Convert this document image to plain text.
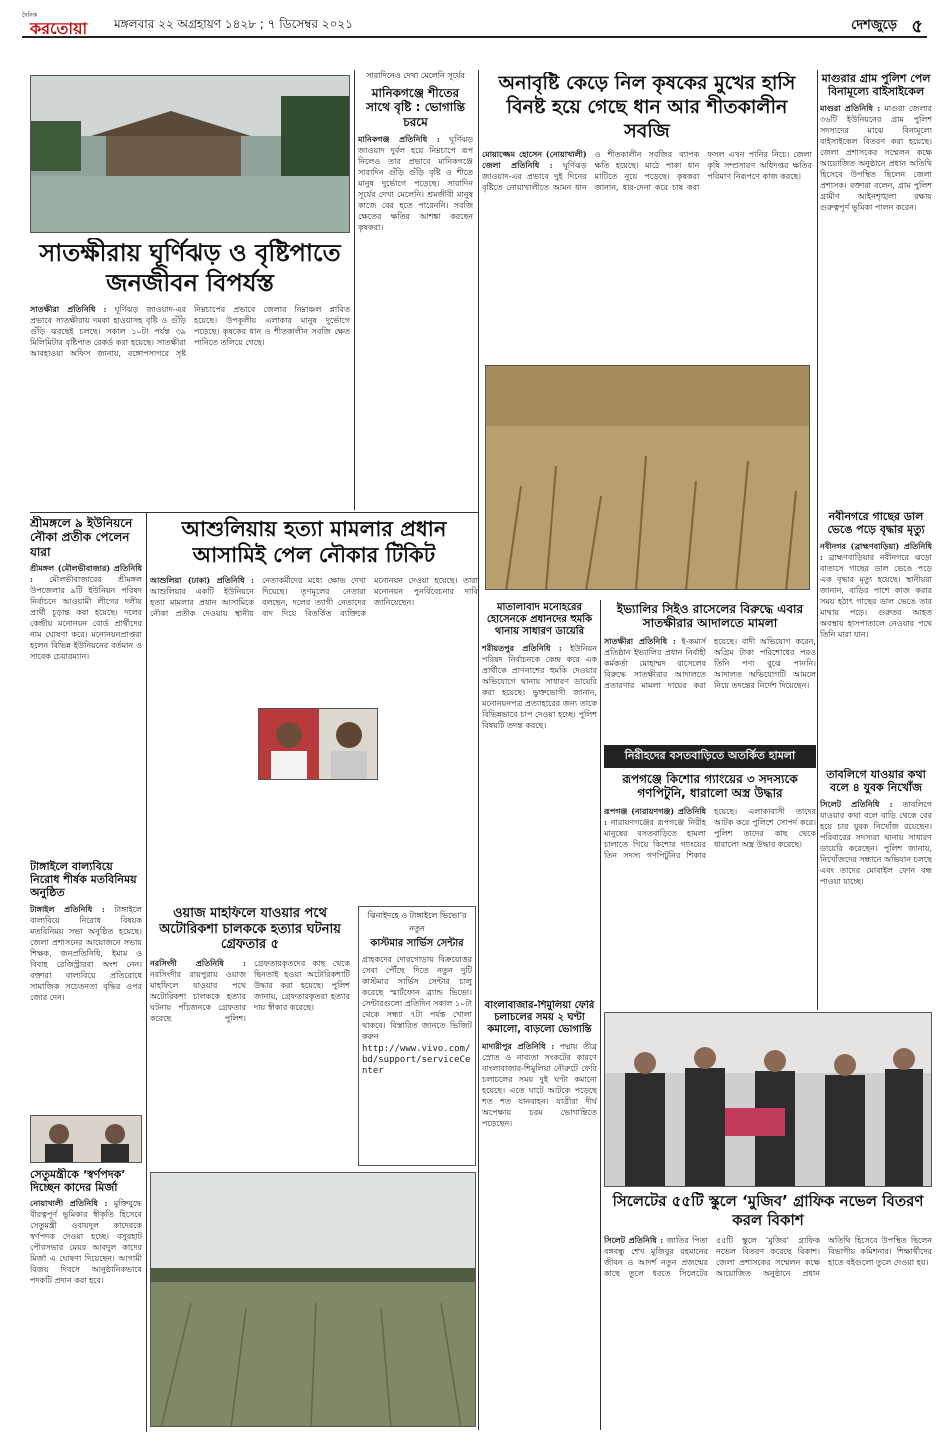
দৈনিক
করতোয়া মঙ্গলবার ২২ অগ্রহায়ণ ১৪২৮ ; ৭ ডিসেম্বর ২০২১	দেশজুড়ে ৫
সাতক্ষীরায় ঘূর্ণিঝড় ও বৃষ্টিপাতে জনজীবন বিপর্যস্ত
সাতক্ষীরা প্রতিনিধি : ঘূর্ণিঝড় জাওয়াদ-এর প্রভাবে সাতক্ষীরায় দমকা হাওয়াসহ বৃষ্টি ও গুঁড়ি গুঁড়ি ঝরছেই চলছে। সকাল ১০টা পর্যন্ত ৩৯ মিলিমিটার বৃষ্টিপাত রেকর্ড করা হয়েছে। সাতক্ষীরা আবহাওয়া অফিস জানায়, বঙ্গোপসাগরে সৃষ্ট নিম্নচাপের প্রভাবে জেলার নিম্নাঞ্চল প্লাবিত হয়েছে। উপকূলীয় এলাকার মানুষ দুর্ভোগে পড়েছে। কৃষকের ধান ও শীতকালীন সবজি ক্ষেত পানিতে তলিয়ে গেছে।
সারাদিনেও দেখা মেলেনি সূর্যের
মানিকগঞ্জে শীতের সাথে বৃষ্টি : ভোগান্তি চরমে
মানিকগঞ্জ প্রতিনিধি : ঘূর্ণিঝড় জাওয়াদ দুর্বল হয়ে নিম্নচাপে রূপ নিলেও তার প্রভাবে মানিকগঞ্জে সারাদিন গুঁড়ি গুঁড়ি বৃষ্টি ও শীতে মানুষ দুর্ভোগে পড়েছে। সারাদিন সূর্যের দেখা মেলেনি। শ্রমজীবী মানুষ কাজে বের হতে পারেননি। সবজি ক্ষেতের ক্ষতির আশঙ্কা করছেন কৃষকরা।
অনাবৃষ্টি কেড়ে নিল কৃষকের মুখের হাসি বিনষ্ট হয়ে গেছে ধান আর শীতকালীন সবজি
মোয়াজ্জেম হোসেন (নোয়াখালী) জেলা প্রতিনিধি : ঘূর্ণিঝড় জাওয়াদ-এর প্রভাবে দুই দিনের বৃষ্টিতে নোয়াখালীতে আমন ধান ও শীতকালীন সবজির ব্যাপক ক্ষতি হয়েছে। মাঠে পাকা ধান মাটিতে নুয়ে পড়েছে। কৃষকরা জানান, ধার-দেনা করে চাষ করা ফসল এখন পানির নিচে। জেলা কৃষি সম্প্রসারণ অধিদপ্তর ক্ষতির পরিমাণ নিরূপণে কাজ করছে।
মাগুরার গ্রাম পুলিশ পেল বিনামূল্যে বাইসাইকেল
মাগুরা প্রতিনিধি : মাগুরা জেলার ৩৬টি ইউনিয়নের গ্রাম পুলিশ সদস্যদের মাঝে বিনামূল্যে বাইসাইকেল বিতরণ করা হয়েছে। জেলা প্রশাসকের সম্মেলন কক্ষে আয়োজিত অনুষ্ঠানে প্রধান অতিথি হিসেবে উপস্থিত ছিলেন জেলা প্রশাসক। বক্তারা বলেন, গ্রাম পুলিশ গ্রামীণ আইনশৃঙ্খলা রক্ষায় গুরুত্বপূর্ণ ভূমিকা পালন করেন।
নবীনগরে গাছের ডাল ভেঙে পড়ে বৃদ্ধার মৃত্যু
নবীনগর (ব্রাহ্মণবাড়িয়া) প্রতিনিধি : ব্রাহ্মণবাড়িয়ার নবীনগরে ঝড়ো বাতাসে গাছের ডাল ভেঙে পড়ে এক বৃদ্ধার মৃত্যু হয়েছে। স্থানীয়রা জানান, বাড়ির পাশে কাজ করার সময় হঠাৎ গাছের ডাল ভেঙে তার মাথায় পড়ে। গুরুতর আহত অবস্থায় হাসপাতালে নেওয়ার পথে তিনি মারা যান।
তাবলিগে যাওয়ার কথা বলে ৪ যুবক নিখোঁজ
সিলেট প্রতিনিধি : তাবলিগে যাওয়ার কথা বলে বাড়ি থেকে বের হয়ে চার যুবক নিখোঁজ রয়েছেন। পরিবারের সদস্যরা থানায় সাধারণ ডায়েরি করেছেন। পুলিশ জানায়, নিখোঁজদের সন্ধানে অভিযান চলছে এবং তাদের মোবাইল ফোন বন্ধ পাওয়া যাচ্ছে।
শ্রীমঙ্গলে ৯ ইউনিয়নে নৌকা প্রতীক পেলেন যারা
শ্রীমঙ্গল (মৌলভীবাজার) প্রতিনিধি : মৌলভীবাজারের শ্রীমঙ্গল উপজেলার ৯টি ইউনিয়ন পরিষদ নির্বাচনে আওয়ামী লীগের দলীয় প্রার্থী চূড়ান্ত করা হয়েছে। দলের কেন্দ্রীয় মনোনয়ন বোর্ড প্রার্থীদের নাম ঘোষণা করে। মনোনয়নপ্রাপ্তরা হলেন বিভিন্ন ইউনিয়নের বর্তমান ও সাবেক চেয়ারম্যান।
টাঙ্গাইলে বাল্যবিয়ে নিরোধ শীর্ষক মতবিনিময় অনুষ্ঠিত
টাঙ্গাইল প্রতিনিধি : টাঙ্গাইলে বাল্যবিয়ে নিরোধ বিষয়ক মতবিনিময় সভা অনুষ্ঠিত হয়েছে। জেলা প্রশাসনের আয়োজনে সভায় শিক্ষক, জনপ্রতিনিধি, ইমাম ও বিবাহ রেজিস্ট্রাররা অংশ নেন। বক্তারা বাল্যবিয়ে প্রতিরোধে সামাজিক সচেতনতা বৃদ্ধির ওপর জোর দেন।
সেতুমন্ত্রীকে ‘স্বর্ণপদক’ দিচ্ছেন কাদের মির্জা
নোয়াখালী প্রতিনিধি : মুক্তিযুদ্ধে বীরত্বপূর্ণ ভূমিকার স্বীকৃতি হিসেবে সেতুমন্ত্রী ওবায়দুল কাদেরকে স্বর্ণপদক দেওয়া হচ্ছে। বসুরহাট পৌরসভার মেয়র আবদুল কাদের মির্জা এ ঘোষণা দিয়েছেন। আগামী বিজয় দিবসে আনুষ্ঠানিকভাবে পদকটি প্রদান করা হবে।
আশুলিয়ায় হত্যা মামলার প্রধান আসামিই পেল নৌকার টিকিট
আশুলিয়া (ঢাকা) প্রতিনিধি : আশুলিয়ার একটি ইউনিয়নে হত্যা মামলার প্রধান আসামিকে নৌকা প্রতীক দেওয়ায় স্থানীয় নেতাকর্মীদের মধ্যে ক্ষোভ দেখা দিয়েছে। তৃণমূলের নেতারা বলছেন, দলের ত্যাগী নেতাদের বাদ দিয়ে বিতর্কিত ব্যক্তিকে মনোনয়ন দেওয়া হয়েছে। তারা মনোনয়ন পুনর্বিবেচনার দাবি জানিয়েছেন।
ওয়াজ মাহফিলে যাওয়ার পথে অটোরিকশা চালককে হত্যার ঘটনায় গ্রেফতার ৫
নরসিংদী প্রতিনিধি : নরসিংদীর রায়পুরায় ওয়াজ মাহফিলে যাওয়ার পথে অটোরিকশা চালককে হত্যার ঘটনায় পাঁচজনকে গ্রেফতার করেছে পুলিশ। গ্রেফতারকৃতদের কাছ থেকে ছিনতাই হওয়া অটোরিকশাটি উদ্ধার করা হয়েছে। পুলিশ জানায়, গ্রেফতারকৃতরা হত্যার দায় স্বীকার করেছে।
ঝিনাইদহে ও টাঙ্গাইলে ভিভো’র নতুন
কাস্টমার সার্ভিস সেন্টার
গ্রাহকদের দোরগোড়ায় বিক্রয়োত্তর সেবা পৌঁছে দিতে নতুন দুটি কাস্টমার সার্ভিস সেন্টার চালু করেছে স্মার্টফোন ব্র্যান্ড ভিভো। সেন্টারগুলো প্রতিদিন সকাল ১০টা থেকে সন্ধ্যা ৭টা পর্যন্ত খোলা থাকবে। বিস্তারিত জানতে ভিজিট করুন
http://www.vivo.com/bd/support/serviceCenter
মাতালাবাদ মনোহরের হোসেনকে প্রধানদের হুমকি থানায় সাধারণ ডায়েরি
শরীয়তপুর প্রতিনিধি : ইউনিয়ন পরিষদ নির্বাচনকে কেন্দ্র করে এক প্রার্থীকে প্রাণনাশের হুমকি দেওয়ার অভিযোগে থানায় সাধারণ ডায়েরি করা হয়েছে। ভুক্তভোগী জানান, মনোনয়নপত্র প্রত্যাহারের জন্য তাকে বিভিন্নভাবে চাপ দেওয়া হচ্ছে। পুলিশ বিষয়টি তদন্ত করছে।
বাংলাবাজার-শিমুলিয়া ফেরি চলাচলের সময় ২ ঘণ্টা কমালো, বাড়লো ভোগান্তি
মাদারীপুর প্রতিনিধি : পদ্মায় তীব্র স্রোত ও নাব্যতা সংকটের কারণে বাংলাবাজার-শিমুলিয়া নৌরুটে ফেরি চলাচলের সময় দুই ঘণ্টা কমানো হয়েছে। এতে ঘাটে আটকে পড়েছে শত শত যানবাহন। যাত্রীরা দীর্ঘ অপেক্ষায় চরম ভোগান্তিতে পড়েছেন।
ইভ্যালির সিইও রাসেলের বিরুদ্ধে এবার সাতক্ষীরার আদালতে মামলা
সাতক্ষীরা প্রতিনিধি : ই-কমার্স প্রতিষ্ঠান ইভ্যালির প্রধান নির্বাহী কর্মকর্তা মোহাম্মদ রাসেলের বিরুদ্ধে সাতক্ষীরার আদালতে প্রতারণার মামলা দায়ের করা হয়েছে। বাদী অভিযোগ করেন, অগ্রিম টাকা পরিশোধের পরও তিনি পণ্য বুঝে পাননি। আদালত অভিযোগটি আমলে নিয়ে তদন্তের নির্দেশ দিয়েছেন।
নিরীহদের বসতবাড়িতে অতর্কিত হামলা
রূপগঞ্জে কিশোর গ্যাংয়ের ৩ সদস্যকে গণপিটুনি, ধারালো অস্ত্র উদ্ধার
রূপগঞ্জ (নারায়ণগঞ্জ) প্রতিনিধি : নারায়ণগঞ্জের রূপগঞ্জে নিরীহ মানুষের বসতবাড়িতে হামলা চালাতে গিয়ে কিশোর গ্যাংয়ের তিন সদস্য গণপিটুনির শিকার হয়েছে। এলাকাবাসী তাদের আটক করে পুলিশে সোপর্দ করে। পুলিশ তাদের কাছ থেকে ধারালো অস্ত্র উদ্ধার করেছে।
সিলেটের ৫৫টি স্কুলে ‘মুজিব’ গ্রাফিক নভেল বিতরণ করল বিকাশ
সিলেট প্রতিনিধি : জাতির পিতা বঙ্গবন্ধু শেখ মুজিবুর রহমানের জীবন ও আদর্শ নতুন প্রজন্মের কাছে তুলে ধরতে সিলেটের ৫৫টি স্কুলে ‘মুজিব’ গ্রাফিক নভেল বিতরণ করেছে বিকাশ। জেলা প্রশাসকের সম্মেলন কক্ষে আয়োজিত অনুষ্ঠানে প্রধান অতিথি হিসেবে উপস্থিত ছিলেন বিভাগীয় কমিশনার। শিক্ষার্থীদের হাতে বইগুলো তুলে দেওয়া হয়।
